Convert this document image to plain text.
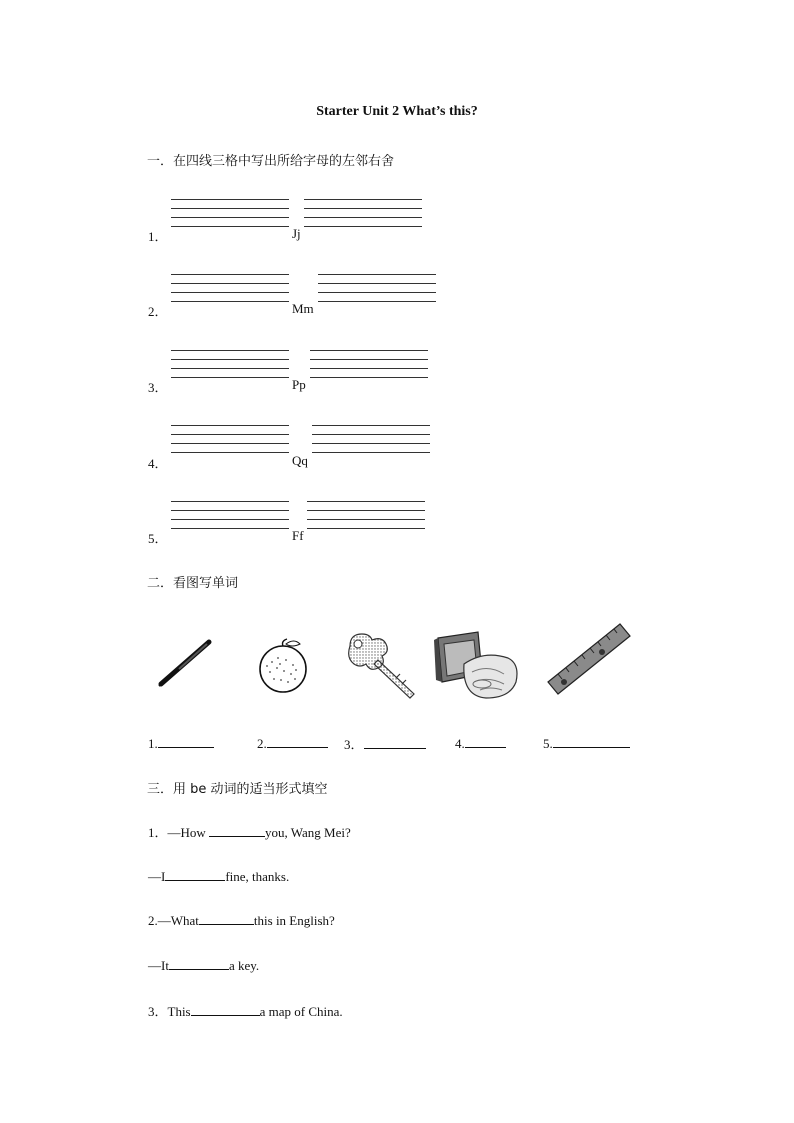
Starter Unit 2 What’s this?
一．在四线三格中写出所给字母的左邻右舍
1．	Jj
2．	Mm
3．	Pp
4．	Qq
5．	Ff
二．看图写单词
1.	2.	3．	4.	5.
三．用 be 动词的适当形式填空
1．—How	you, Wang Mei?
—I	fine, thanks.
2.—What	this in English?
—It	a key.
3．This	a map of China.
